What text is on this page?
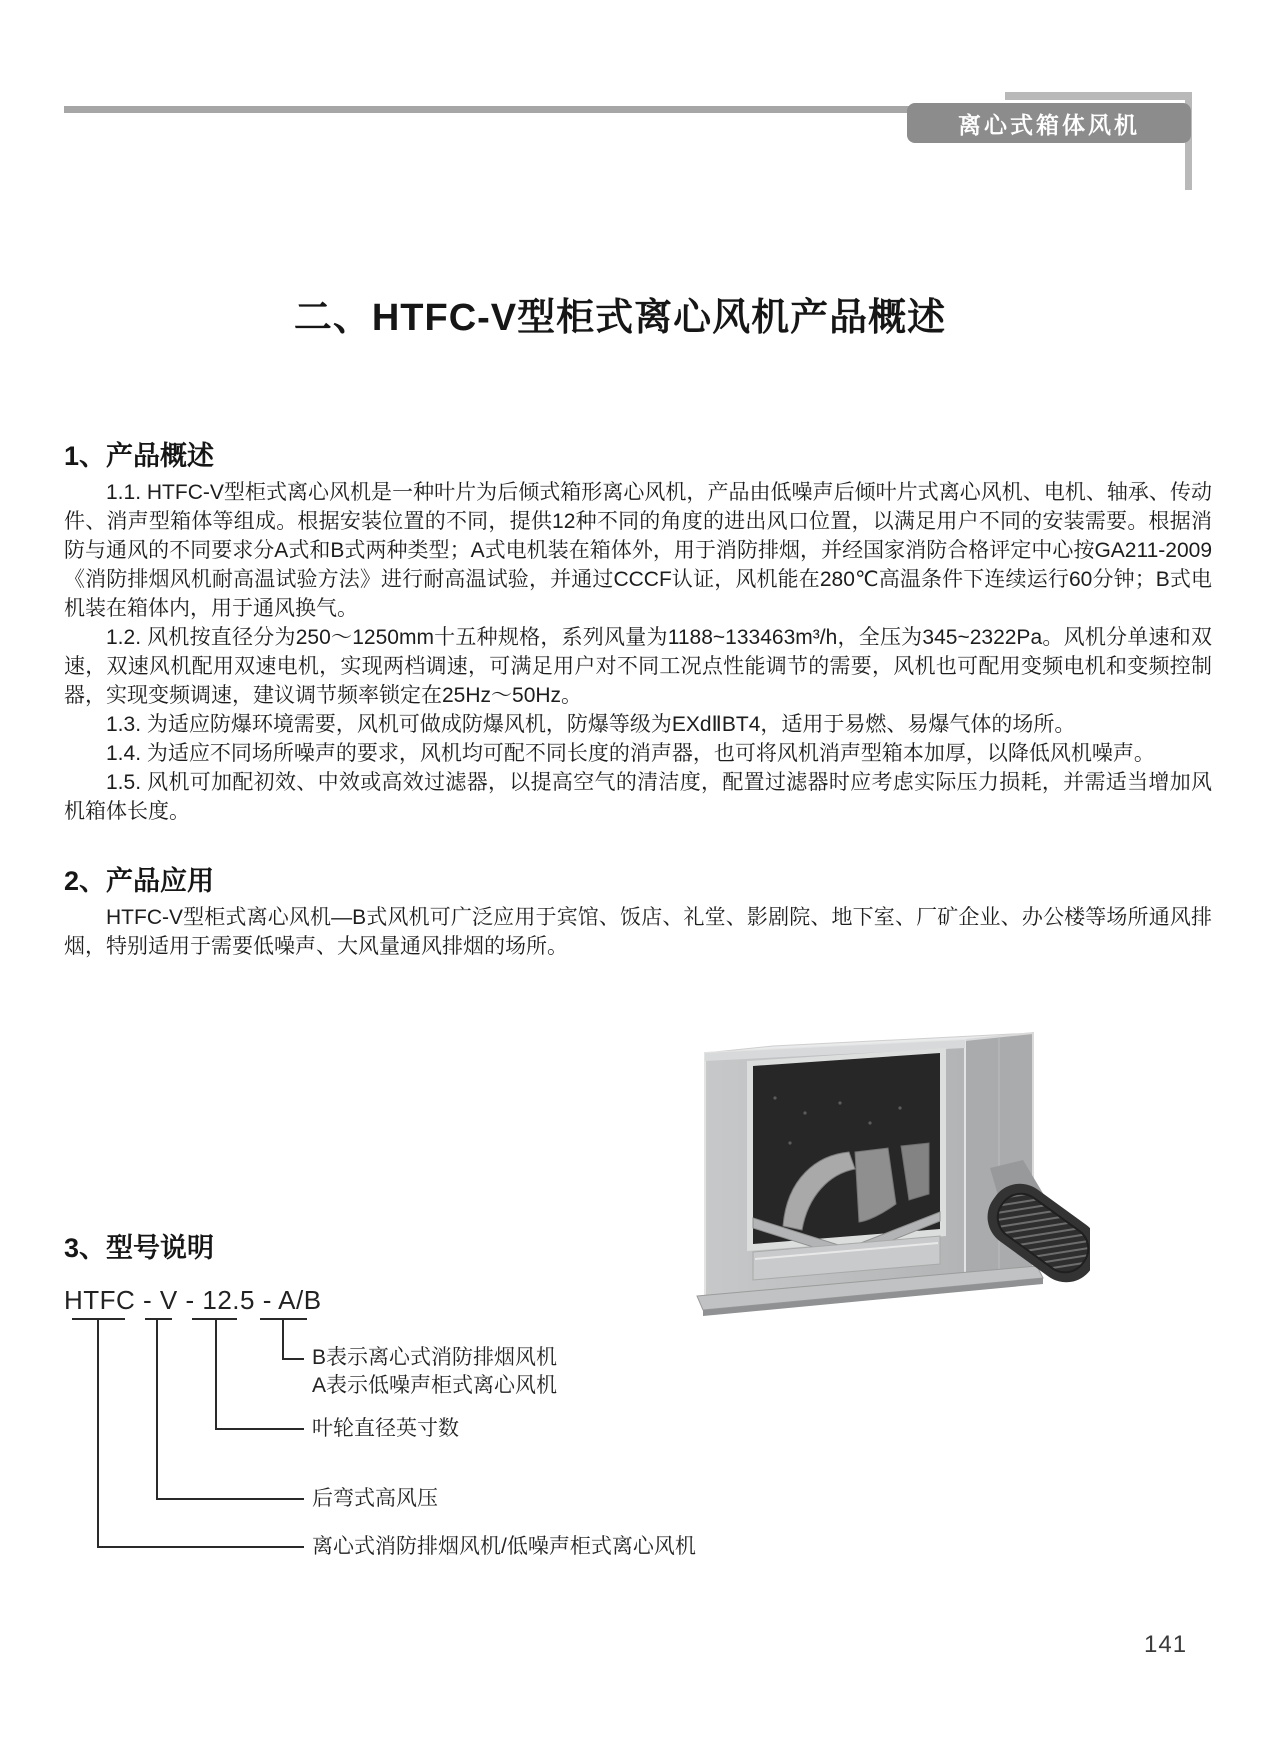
离心式箱体风机
二、HTFC-V型柜式离心风机产品概述
1、产品概述

1.1. HTFC-V型柜式离心风机是一种叶片为后倾式箱形离心风机，产品由低噪声后倾叶片式离心风机、电机、轴承、传动件、消声型箱体等组成。根据安装位置的不同，提供12种不同的角度的进出风口位置，以满足用户不同的安装需要。根据消防与通风的不同要求分A式和B式两种类型；A式电机装在箱体外，用于消防排烟，并经国家消防合格评定中心按GA211-2009《消防排烟风机耐高温试验方法》进行耐高温试验，并通过CCCF认证，风机能在280℃高温条件下连续运行60分钟；B式电机装在箱体内，用于通风换气。

1.2. 风机按直径分为250～1250mm十五种规格，系列风量为1188~133463m³/h，全压为345~2322Pa。风机分单速和双速，双速风机配用双速电机，实现两档调速，可满足用户对不同工况点性能调节的需要，风机也可配用变频电机和变频控制器，实现变频调速，建议调节频率锁定在25Hz～50Hz。

1.3. 为适应防爆环境需要，风机可做成防爆风机，防爆等级为EXdⅡBT4，适用于易燃、易爆气体的场所。

1.4. 为适应不同场所噪声的要求，风机均可配不同长度的消声器，也可将风机消声型箱本加厚，以降低风机噪声。

1.5. 风机可加配初效、中效或高效过滤器，以提高空气的清洁度，配置过滤器时应考虑实际压力损耗，并需适当增加风机箱体长度。

2、产品应用

HTFC-V型柜式离心风机—B式风机可广泛应用于宾馆、饭店、礼堂、影剧院、地下室、厂矿企业、办公楼等场所通风排烟，特别适用于需要低噪声、大风量通风排烟的场所。

3、型号说明
HTFC - V - 12.5 - A/B
B表示离心式消防排烟风机
A表示低噪声柜式离心风机
叶轮直径英寸数
后弯式高风压
离心式消防排烟风机/低噪声柜式离心风机
141
